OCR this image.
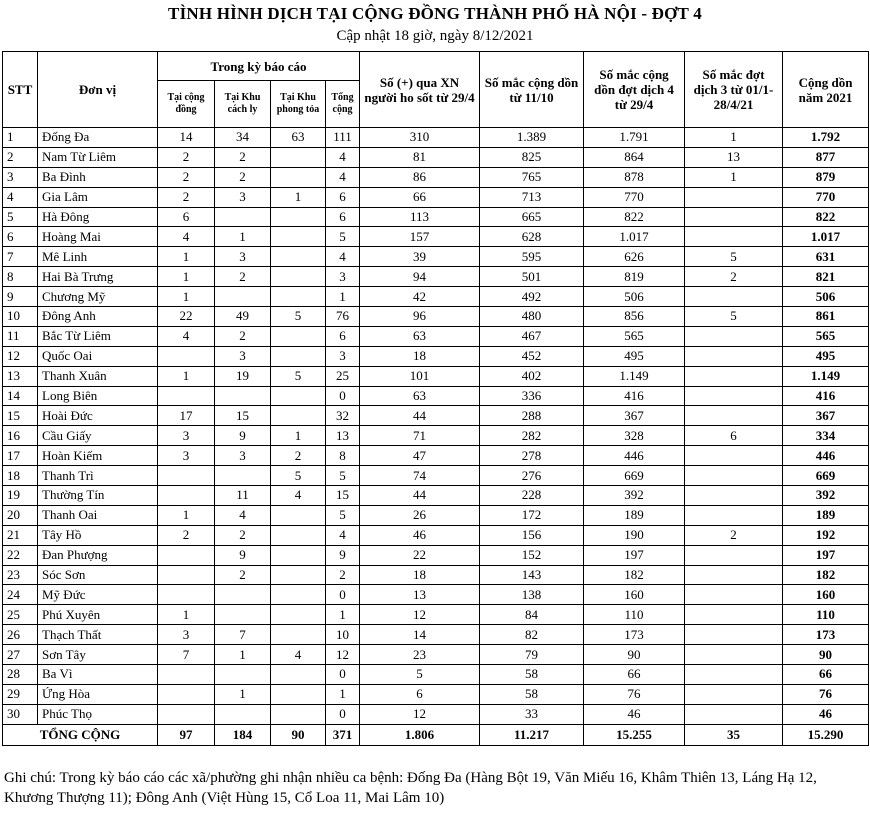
TÌNH HÌNH DỊCH TẠI CỘNG ĐỒNG THÀNH PHỐ HÀ NỘI - ĐỢT 4
Cập nhật 18 giờ, ngày 8/12/2021
STT	Đơn vị	Trong kỳ báo cáo				Số (+) qua XN người ho sốt từ 29/4	Số mắc cộng dồn từ 11/10	Số mắc cộng dồn đợt dịch 4 từ 29/4	Số mắc đợt dịch 3 từ 01/1-28/4/21	Cộng dồn năm 2021
		Tại cộng đồng	Tại Khu cách ly	Tại Khu phong tỏa	Tổng cộng					
1	Đống Đa	14	34	63	111	310	1.389	1.791	1	1.792
2	Nam Từ Liêm	2	2		4	81	825	864	13	877
3	Ba Đình	2	2		4	86	765	878	1	879
4	Gia Lâm	2	3	1	6	66	713	770		770
5	Hà Đông	6			6	113	665	822		822
6	Hoàng Mai	4	1		5	157	628	1.017		1.017
7	Mê Linh	1	3		4	39	595	626	5	631
8	Hai Bà Trưng	1	2		3	94	501	819	2	821
9	Chương Mỹ	1			1	42	492	506		506
10	Đông Anh	22	49	5	76	96	480	856	5	861
11	Bắc Từ Liêm	4	2		6	63	467	565		565
12	Quốc Oai		3		3	18	452	495		495
13	Thanh Xuân	1	19	5	25	101	402	1.149		1.149
14	Long Biên				0	63	336	416		416
15	Hoài Đức	17	15		32	44	288	367		367
16	Cầu Giấy	3	9	1	13	71	282	328	6	334
17	Hoàn Kiếm	3	3	2	8	47	278	446		446
18	Thanh Trì			5	5	74	276	669		669
19	Thường Tín		11	4	15	44	228	392		392
20	Thanh Oai	1	4		5	26	172	189		189
21	Tây Hồ	2	2		4	46	156	190	2	192
22	Đan Phượng		9		9	22	152	197		197
23	Sóc Sơn		2		2	18	143	182		182
24	Mỹ Đức				0	13	138	160		160
25	Phú Xuyên	1			1	12	84	110		110
26	Thạch Thất	3	7		10	14	82	173		173
27	Sơn Tây	7	1	4	12	23	79	90		90
28	Ba Vì				0	5	58	66		66
29	Ứng Hòa		1		1	6	58	76		76
30	Phúc Thọ				0	12	33	46		46
TỔNG CỘNG		97	184	90	371	1.806	11.217	15.255	35	15.290
Ghi chú: Trong kỳ báo cáo các xã/phường ghi nhận nhiều ca bệnh: Đống Đa (Hàng Bột 19, Văn Miếu 16, Khâm Thiên 13, Láng Hạ 12, Khương Thượng 11); Đông Anh (Việt Hùng 15, Cổ Loa 11, Mai Lâm 10)
